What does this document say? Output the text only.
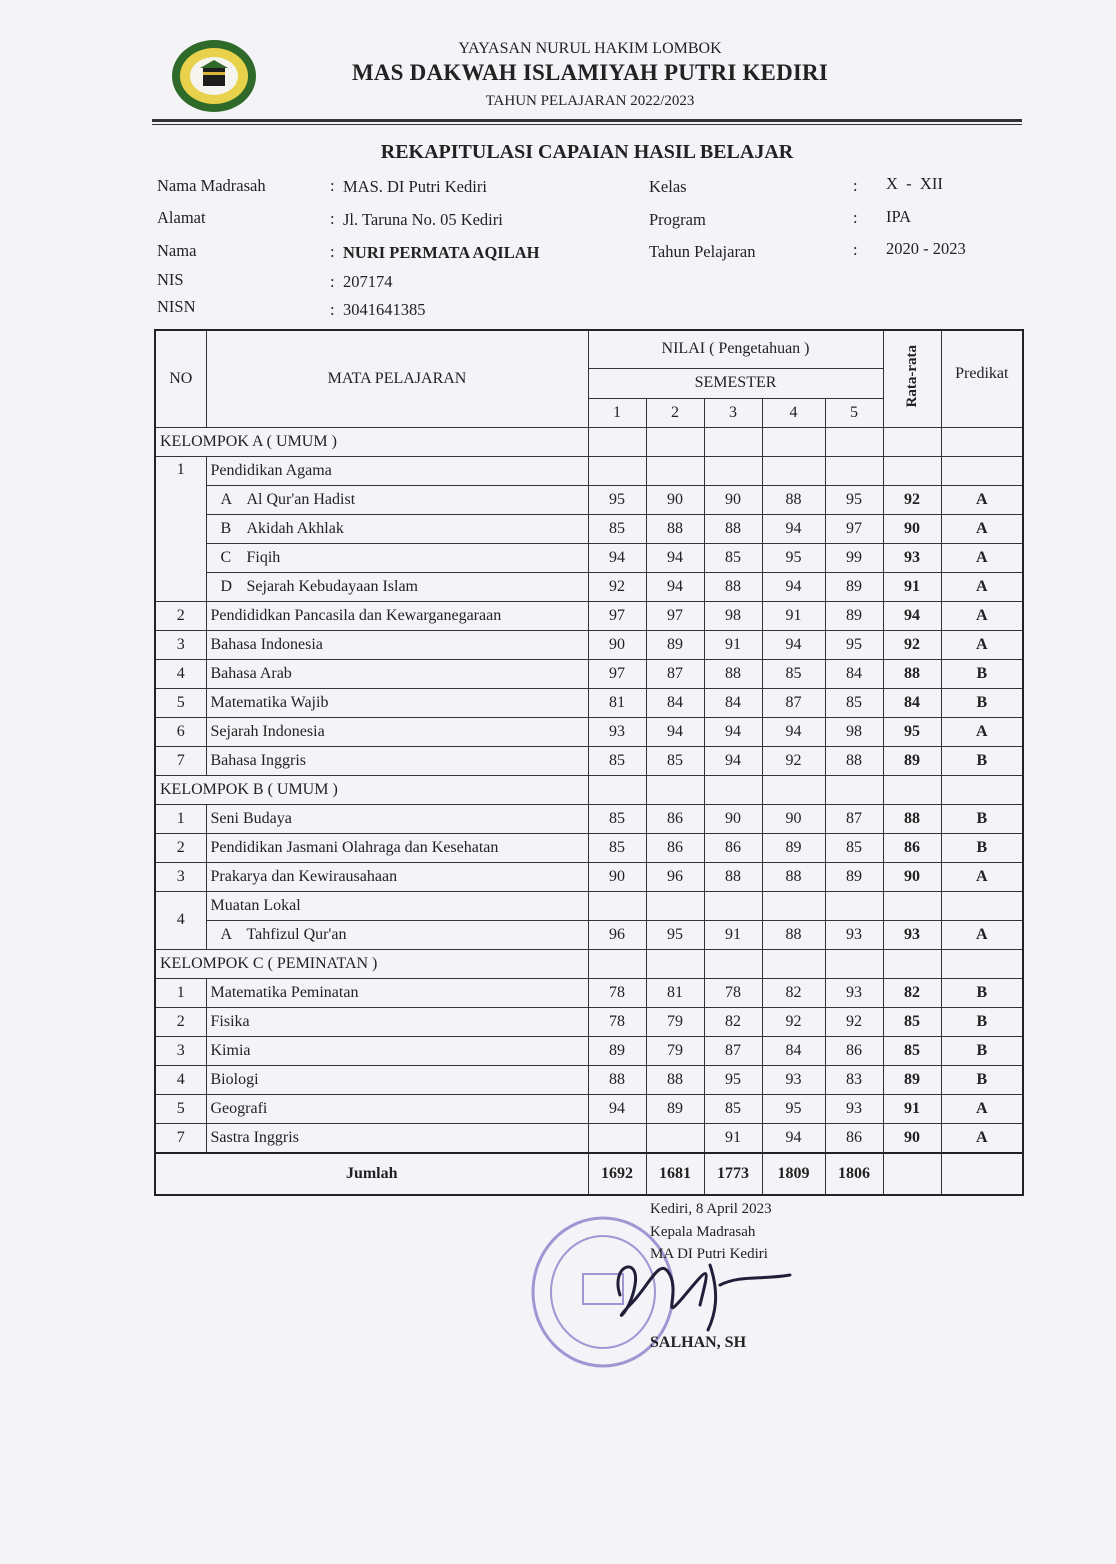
YAYASAN NURUL HAKIM LOMBOK
MAS DAKWAH ISLAMIYAH PUTRI KEDIRI
TAHUN PELAJARAN 2022/2023
REKAPITULASI CAPAIAN HASIL BELAJAR
Nama Madrasah	: MAS. DI Putri Kediri
Alamat	: Jl. Taruna No. 05 Kediri
Nama	: NURI PERMATA AQILAH
NIS	: 207174
NISN	: 3041641385
Kelas	: X  -  XII
Program	: IPA
Tahun Pelajaran	: 2020 - 2023
NO	MATA PELAJARAN	NILAI ( Pengetahuan )					Rata-rata	Predikat
		SEMESTER						
		1	2	3	4	5		
KELOMPOK A ( UMUM )								
1	Pendidikan Agama							
	A Al Qur'an Hadist	95	90	90	88	95	92	A
	B Akidah Akhlak	85	88	88	94	97	90	A
	C Fiqih	94	94	85	95	99	93	A
	D Sejarah Kebudayaan Islam	92	94	88	94	89	91	A
2	Pendididkan Pancasila dan Kewarganegaraan	97	97	98	91	89	94	A
3	Bahasa Indonesia	90	89	91	94	95	92	A
4	Bahasa Arab	97	87	88	85	84	88	B
5	Matematika Wajib	81	84	84	87	85	84	B
6	Sejarah Indonesia	93	94	94	94	98	95	A
7	Bahasa Inggris	85	85	94	92	88	89	B
KELOMPOK B ( UMUM )								
1	Seni Budaya	85	86	90	90	87	88	B
2	Pendidikan Jasmani Olahraga dan Kesehatan	85	86	86	89	85	86	B
3	Prakarya dan Kewirausahaan	90	96	88	88	89	90	A
4	Muatan Lokal							
	A Tahfizul Qur'an	96	95	91	88	93	93	A
KELOMPOK C ( PEMINATAN )								
1	Matematika Peminatan	78	81	78	82	93	82	B
2	Fisika	78	79	82	92	92	85	B
3	Kimia	89	79	87	84	86	85	B
4	Biologi	88	88	95	93	83	89	B
5	Geografi	94	89	85	95	93	91	A
7	Sastra Inggris			91	94	86	90	A
Jumlah		1692	1681	1773	1809	1806		
Kediri, 8 April 2023
Kepala Madrasah
MA DI Putri Kediri
SALHAN, SH
